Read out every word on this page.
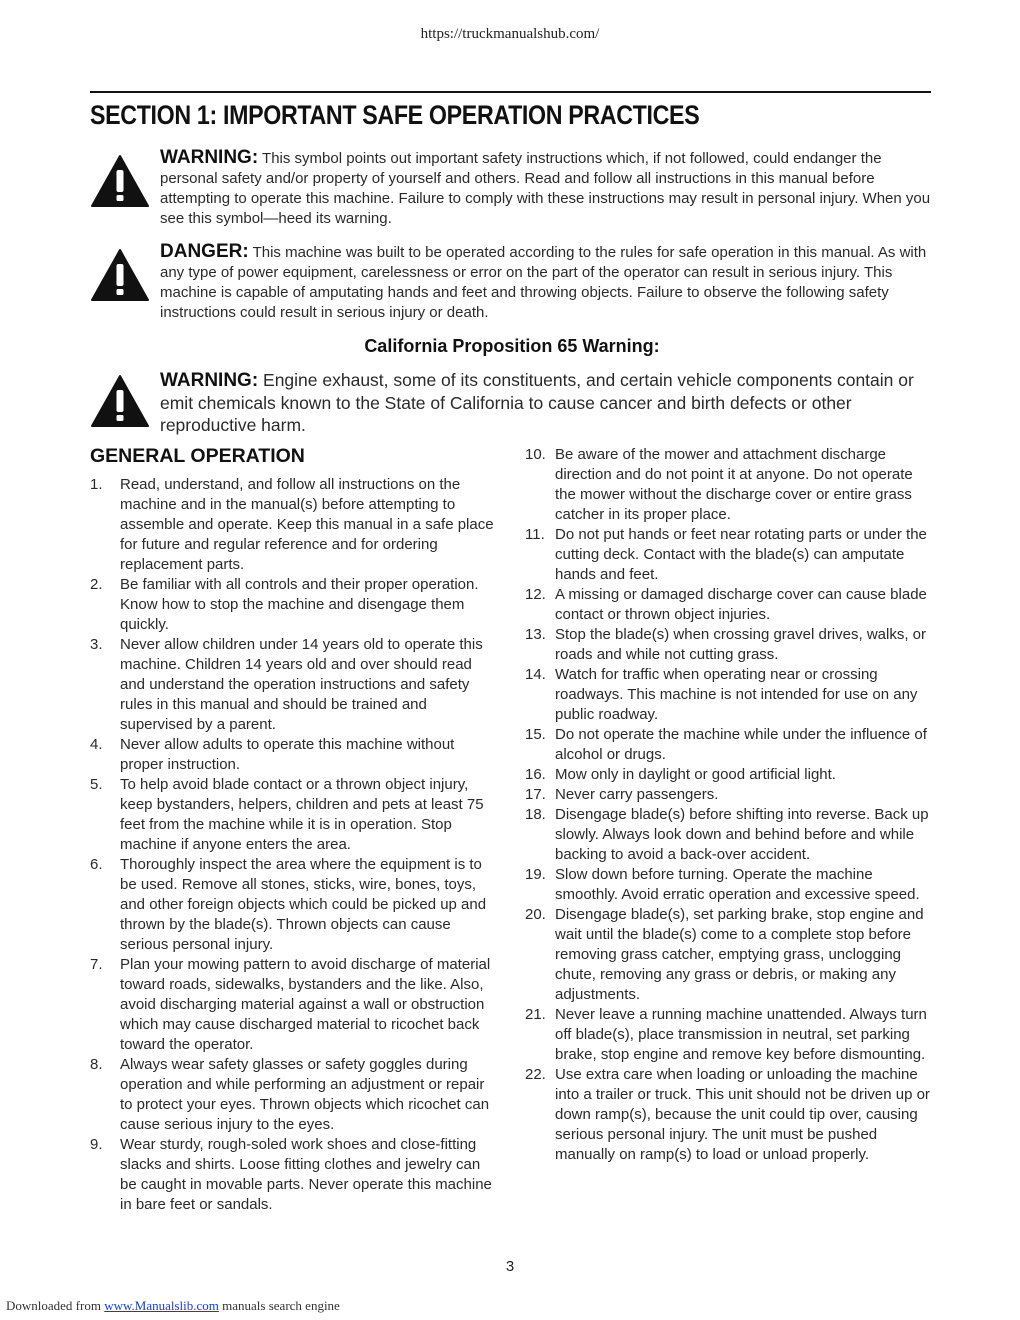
https://truckmanualshub.com/
SECTION 1: IMPORTANT SAFE OPERATION PRACTICES
WARNING: This symbol points out important safety instructions which, if not followed, could endanger the personal safety and/or property of yourself and others. Read and follow all instructions in this manual before attempting to operate this machine. Failure to comply with these instructions may result in personal injury. When you see this symbol—heed its warning.
DANGER: This machine was built to be operated according to the rules for safe operation in this manual. As with any type of power equipment, carelessness or error on the part of the operator can result in serious injury. This machine is capable of amputating hands and feet and throwing objects. Failure to observe the following safety instructions could result in serious injury or death.
California Proposition 65 Warning:
WARNING: Engine exhaust, some of its constituents, and certain vehicle components contain or emit chemicals known to the State of California to cause cancer and birth defects or other reproductive harm.
GENERAL OPERATION
1. Read, understand, and follow all instructions on the machine and in the manual(s) before attempting to assemble and operate. Keep this manual in a safe place for future and regular reference and for ordering replacement parts.
2. Be familiar with all controls and their proper operation. Know how to stop the machine and disengage them quickly.
3. Never allow children under 14 years old to operate this machine. Children 14 years old and over should read and understand the operation instructions and safety rules in this manual and should be trained and supervised by a parent.
4. Never allow adults to operate this machine without proper instruction.
5. To help avoid blade contact or a thrown object injury, keep bystanders, helpers, children and pets at least 75 feet from the machine while it is in operation. Stop machine if anyone enters the area.
6. Thoroughly inspect the area where the equipment is to be used. Remove all stones, sticks, wire, bones, toys, and other foreign objects which could be picked up and thrown by the blade(s). Thrown objects can cause serious personal injury.
7. Plan your mowing pattern to avoid discharge of material toward roads, sidewalks, bystanders and the like. Also, avoid discharging material against a wall or obstruction which may cause discharged material to ricochet back toward the operator.
8. Always wear safety glasses or safety goggles during operation and while performing an adjustment or repair to protect your eyes. Thrown objects which ricochet can cause serious injury to the eyes.
9. Wear sturdy, rough-soled work shoes and close-fitting slacks and shirts. Loose fitting clothes and jewelry can be caught in movable parts. Never operate this machine in bare feet or sandals.
10. Be aware of the mower and attachment discharge direction and do not point it at anyone. Do not operate the mower without the discharge cover or entire grass catcher in its proper place.
11. Do not put hands or feet near rotating parts or under the cutting deck. Contact with the blade(s) can amputate hands and feet.
12. A missing or damaged discharge cover can cause blade contact or thrown object injuries.
13. Stop the blade(s) when crossing gravel drives, walks, or roads and while not cutting grass.
14. Watch for traffic when operating near or crossing roadways. This machine is not intended for use on any public roadway.
15. Do not operate the machine while under the influence of alcohol or drugs.
16. Mow only in daylight or good artificial light.
17. Never carry passengers.
18. Disengage blade(s) before shifting into reverse. Back up slowly. Always look down and behind before and while backing to avoid a back-over accident.
19. Slow down before turning. Operate the machine smoothly. Avoid erratic operation and excessive speed.
20. Disengage blade(s), set parking brake, stop engine and wait until the blade(s) come to a complete stop before removing grass catcher, emptying grass, unclogging chute, removing any grass or debris, or making any adjustments.
21. Never leave a running machine unattended. Always turn off blade(s), place transmission in neutral, set parking brake, stop engine and remove key before dismounting.
22. Use extra care when loading or unloading the machine into a trailer or truck. This unit should not be driven up or down ramp(s), because the unit could tip over, causing serious personal injury. The unit must be pushed manually on ramp(s) to load or unload properly.
3
Downloaded from www.Manualslib.com manuals search engine
